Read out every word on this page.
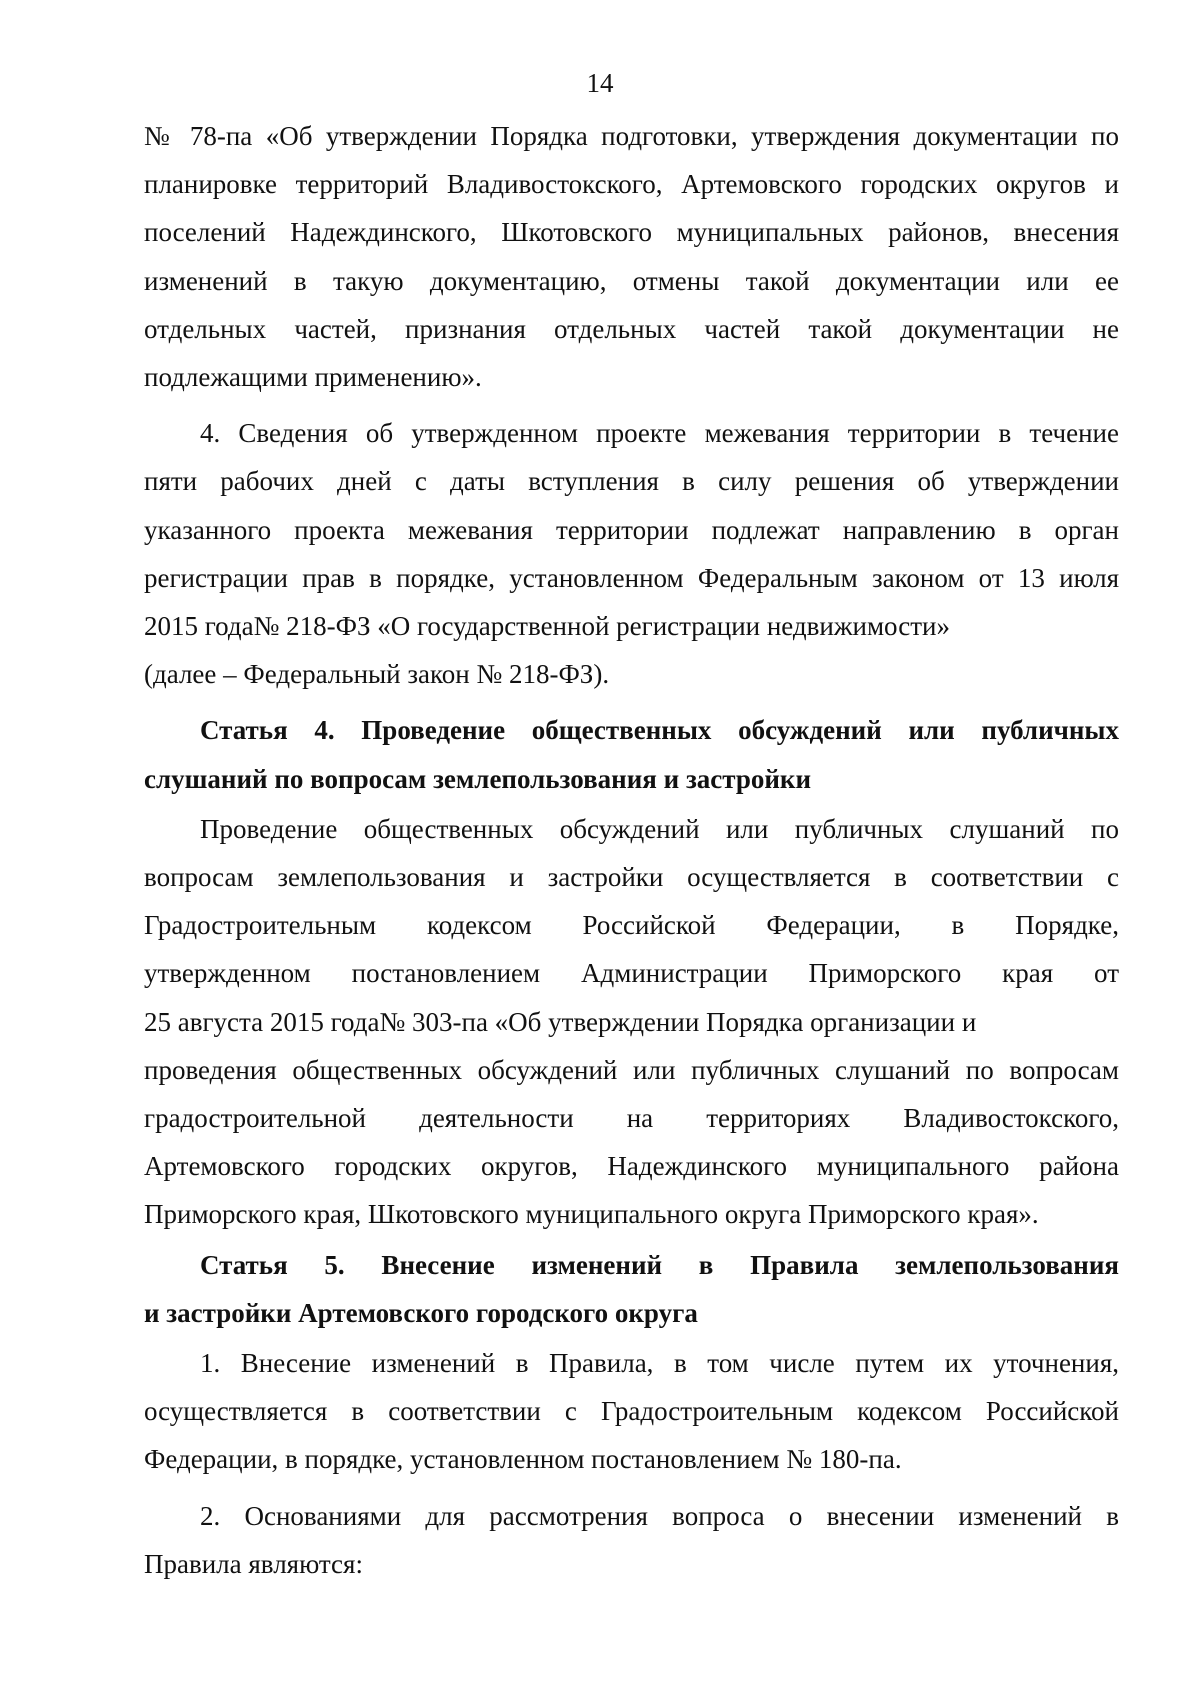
14
№ 78-па «Об утверждении Порядка подготовки, утверждения документации по
планировке территорий Владивостокского, Артемовского городских округов и
поселений Надеждинского, Шкотовского муниципальных районов, внесения
изменений в такую документацию, отмены такой документации или ее
отдельных частей, признания отдельных частей такой документации не
подлежащими применению».
4. Сведения об утвержденном проекте межевания территории в течение
пяти рабочих дней с даты вступления в силу решения об утверждении
указанного проекта межевания территории подлежат направлению в орган
регистрации прав в порядке, установленном Федеральным законом от 13 июля
2015 года № 218-ФЗ «О государственной регистрации недвижимости»
(далее – Федеральный закон № 218-ФЗ).
Статья 4. Проведение общественных обсуждений или публичных
слушаний по вопросам землепользования и застройки
Проведение общественных обсуждений или публичных слушаний по
вопросам землепользования и застройки осуществляется в соответствии с
Градостроительным кодексом Российской Федерации, в Порядке,
утвержденном постановлением Администрации Приморского края от
25 августа 2015 года № 303-па «Об утверждении Порядка организации и
проведения общественных обсуждений или публичных слушаний по вопросам
градостроительной деятельности на территориях Владивостокского,
Артемовского городских округов, Надеждинского муниципального района
Приморского края, Шкотовского муниципального округа Приморского края».
Статья 5. Внесение изменений в Правила землепользования
и застройки Артемовского городского округа
1. Внесение изменений в Правила, в том числе путем их уточнения,
осуществляется в соответствии с Градостроительным кодексом Российской
Федерации, в порядке, установленном постановлением № 180-па.
2. Основаниями для рассмотрения вопроса о внесении изменений в
Правила являются:
